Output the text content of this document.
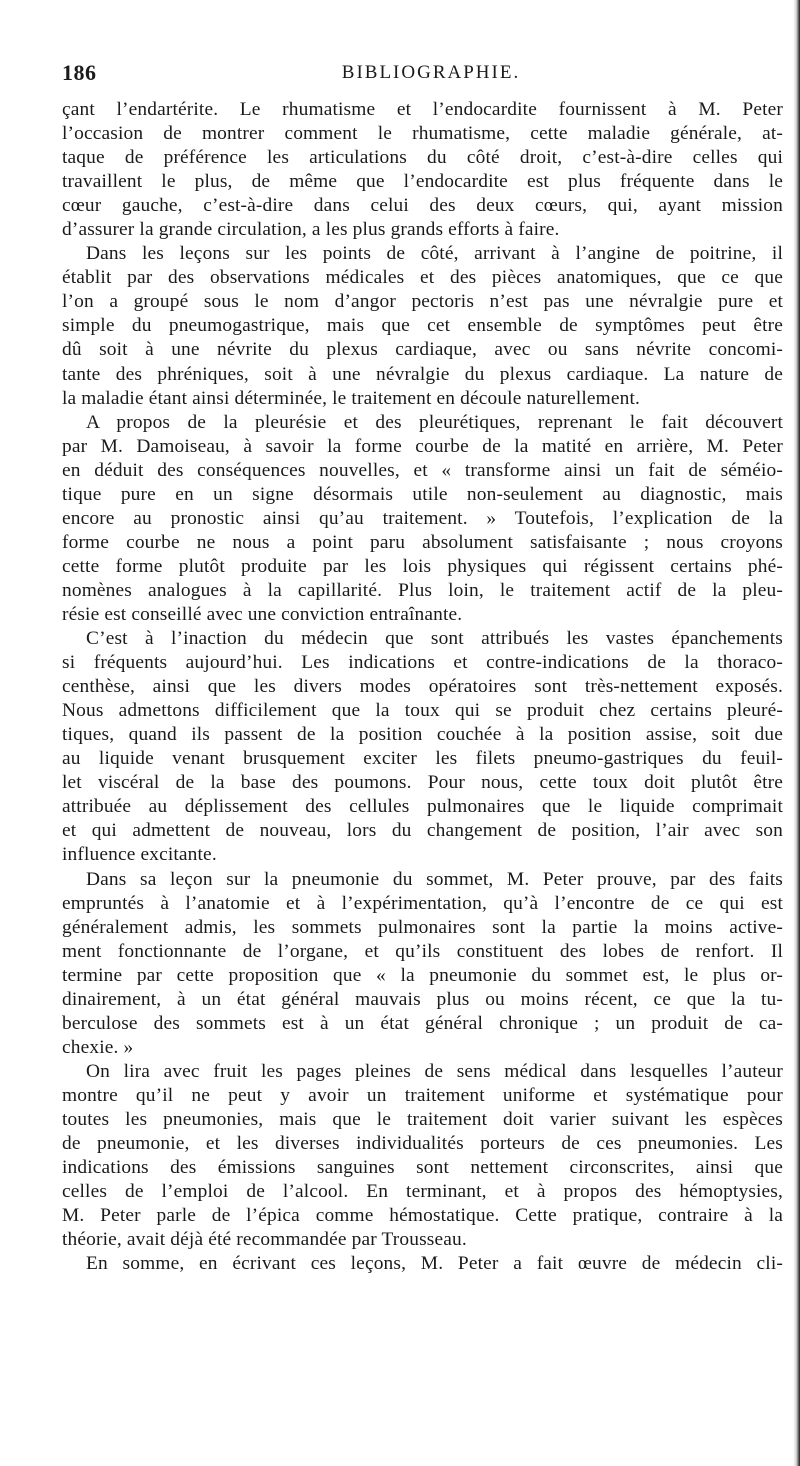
186	BIBLIOGRAPHIE.
çant l’endartérite. Le rhumatisme et l’endocardite fournissent à M. Peter
l’occasion de montrer comment le rhumatisme, cette maladie générale, at-
taque de préférence les articulations du côté droit, c’est-à-dire celles qui
travaillent le plus, de même que l’endocardite est plus fréquente dans le
cœur gauche, c’est-à-dire dans celui des deux cœurs, qui, ayant mission
d’assurer la grande circulation, a les plus grands efforts à faire.
Dans les leçons sur les points de côté, arrivant à l’angine de poitrine, il
établit par des observations médicales et des pièces anatomiques, que ce que
l’on a groupé sous le nom d’angor pectoris n’est pas une névralgie pure et
simple du pneumogastrique, mais que cet ensemble de symptômes peut être
dû soit à une névrite du plexus cardiaque, avec ou sans névrite concomi-
tante des phréniques, soit à une névralgie du plexus cardiaque. La nature de
la maladie étant ainsi déterminée, le traitement en découle naturellement.
A propos de la pleurésie et des pleurétiques, reprenant le fait découvert
par M. Damoiseau, à savoir la forme courbe de la matité en arrière, M. Peter
en déduit des conséquences nouvelles, et « transforme ainsi un fait de séméio-
tique pure en un signe désormais utile non-seulement au diagnostic, mais
encore au pronostic ainsi qu’au traitement. » Toutefois, l’explication de la
forme courbe ne nous a point paru absolument satisfaisante ; nous croyons
cette forme plutôt produite par les lois physiques qui régissent certains phé-
nomènes analogues à la capillarité. Plus loin, le traitement actif de la pleu-
résie est conseillé avec une conviction entraînante.
C’est à l’inaction du médecin que sont attribués les vastes épanchements
si fréquents aujourd’hui. Les indications et contre-indications de la thoraco-
centhèse, ainsi que les divers modes opératoires sont très-nettement exposés.
Nous admettons difficilement que la toux qui se produit chez certains pleuré-
tiques, quand ils passent de la position couchée à la position assise, soit due
au liquide venant brusquement exciter les filets pneumo-gastriques du feuil-
let viscéral de la base des poumons. Pour nous, cette toux doit plutôt être
attribuée au déplissement des cellules pulmonaires que le liquide comprimait
et qui admettent de nouveau, lors du changement de position, l’air avec son
influence excitante.
Dans sa leçon sur la pneumonie du sommet, M. Peter prouve, par des faits
empruntés à l’anatomie et à l’expérimentation, qu’à l’encontre de ce qui est
généralement admis, les sommets pulmonaires sont la partie la moins active-
ment fonctionnante de l’organe, et qu’ils constituent des lobes de renfort. Il
termine par cette proposition que « la pneumonie du sommet est, le plus or-
dinairement, à un état général mauvais plus ou moins récent, ce que la tu-
berculose des sommets est à un état général chronique ; un produit de ca-
chexie. »
On lira avec fruit les pages pleines de sens médical dans lesquelles l’auteur
montre qu’il ne peut y avoir un traitement uniforme et systématique pour
toutes les pneumonies, mais que le traitement doit varier suivant les espèces
de pneumonie, et les diverses individualités porteurs de ces pneumonies. Les
indications des émissions sanguines sont nettement circonscrites, ainsi que
celles de l’emploi de l’alcool. En terminant, et à propos des hémoptysies,
M. Peter parle de l’épica comme hémostatique. Cette pratique, contraire à la
théorie, avait déjà été recommandée par Trousseau.
En somme, en écrivant ces leçons, M. Peter a fait œuvre de médecin cli-
